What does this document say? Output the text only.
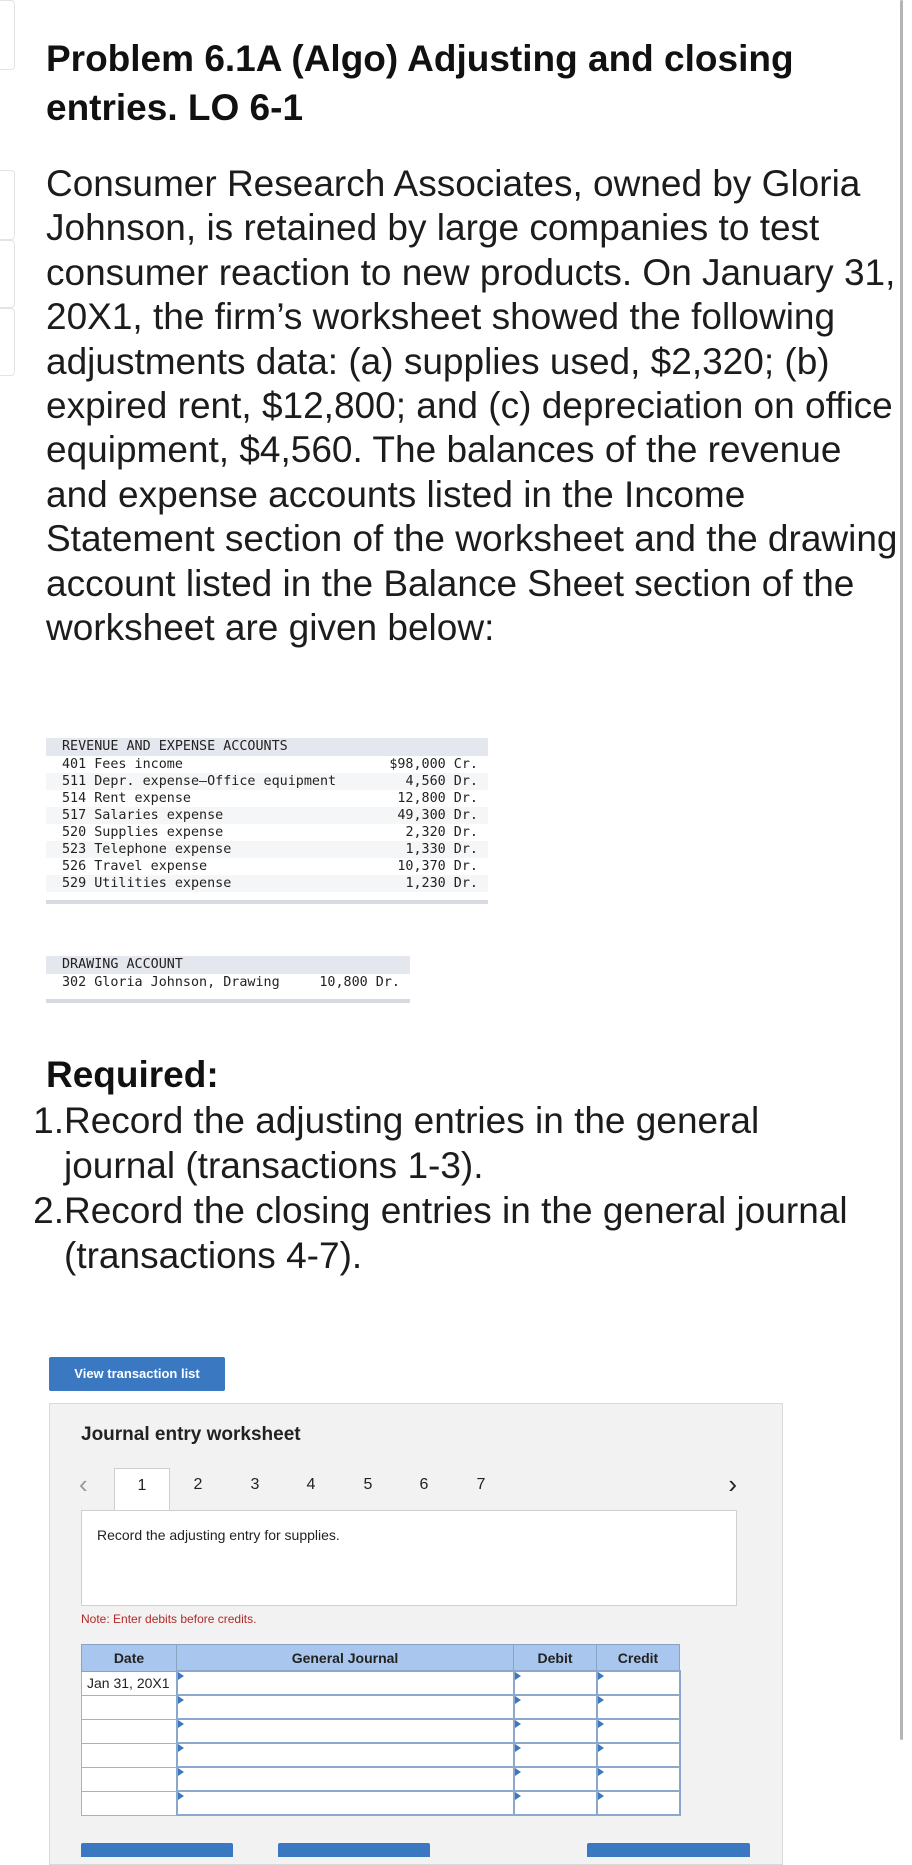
Problem 6.1A (Algo) Adjusting and closing entries. LO 6-1

Consumer Research Associates, owned by Gloria Johnson, is retained by large companies to test consumer reaction to new products. On January 31, 20X1, the firm’s worksheet showed the following adjustments data: (a) supplies used, $2,320; (b) expired rent, $12,800; and (c) depreciation on office equipment, $4,560. The balances of the revenue and expense accounts listed in the Income Statement section of the worksheet and the drawing account listed in the Balance Sheet section of the worksheet are given below:

REVENUE AND EXPENSE ACCOUNTS	
401 Fees income	$98,000 Cr.
511 Depr. expense—Office equipment	4,560 Dr.
514 Rent expense	12,800 Dr.
517 Salaries expense	49,300 Dr.
520 Supplies expense	2,320 Dr.
523 Telephone expense	1,330 Dr.
526 Travel expense	10,370 Dr.
529 Utilities expense	1,230 Dr.

DRAWING ACCOUNT
302 Gloria Johnson, Drawing	10,800 Dr.

Required:
1. Record the adjusting entries in the general journal (transactions 1-3).
2. Record the closing entries in the general journal (transactions 4-7).
View transaction list
Journal entry worksheet
‹	1	2	3	4	5	6	7	›
Record the adjusting entry for supplies.
Note: Enter debits before credits.
Date	General Journal	Debit	Credit
Jan 31, 20X1			
